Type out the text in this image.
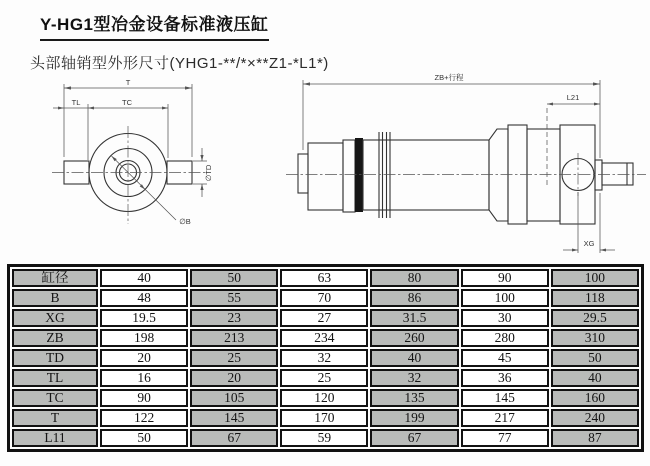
Y-HG1型冶金设备标准液压缸
头部轴销型外形尺寸(YHG1-**/*×**Z1-*L1*)
T
TL	TC
∅TD
∅B
ZB+行程
L21
XG
缸径	40	50	63	80	90	100
B	48	55	70	86	100	118
XG	19.5	23	27	31.5	30	29.5
ZB	198	213	234	260	280	310
TD	20	25	32	40	45	50
TL	16	20	25	32	36	40
TC	90	105	120	135	145	160
T	122	145	170	199	217	240
L11	50	67	59	67	77	87
